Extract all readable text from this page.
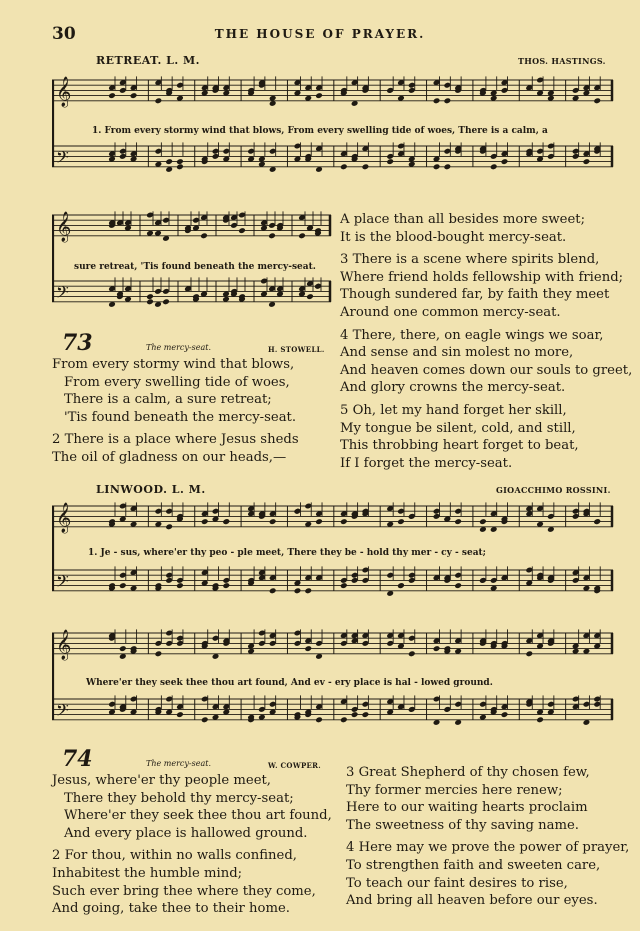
30	THE HOUSE OF PRAYER.
RETREAT. L. M.	THOS. HASTINGS.
𝄞
𝄢
1. From every stormy wind that blows, From every swelling tide of woes, There is a calm, a
𝄞
𝄢
sure retreat, 'Tis found beneath the mercy-seat.
73	The mercy-seat.	H. STOWELL.
From every stormy wind that blows,
From every swelling tide of woes,
There is a calm, a sure retreat;
'Tis found beneath the mercy-seat.
2 There is a place where Jesus sheds
The oil of gladness on our heads,—
A place than all besides more sweet;
It is the blood-bought mercy-seat.
3 There is a scene where spirits blend,
Where friend holds fellowship with friend;
Though sundered far, by faith they meet
Around one common mercy-seat.
4 There, there, on eagle wings we soar,
And sense and sin molest no more,
And heaven comes down our souls to greet,
And glory crowns the mercy-seat.
5 Oh, let my hand forget her skill,
My tongue be silent, cold, and still,
This throbbing heart forget to beat,
If I forget the mercy-seat.
LINWOOD. L. M.	GIOACCHIMO ROSSINI.
𝄞
𝄢
1. Je - sus, where'er thy peo - ple meet, There they be - hold thy mer - cy - seat;
𝄞
𝄢
Where'er they seek thee thou art found, And ev - ery place is hal - lowed ground.
74	The mercy-seat.	W. COWPER.
Jesus, where'er thy people meet,
There they behold thy mercy-seat;
Where'er they seek thee thou art found,
And every place is hallowed ground.
2 For thou, within no walls confined,
Inhabitest the humble mind;
Such ever bring thee where they come,
And going, take thee to their home.
3 Great Shepherd of thy chosen few,
Thy former mercies here renew;
Here to our waiting hearts proclaim
The sweetness of thy saving name.
4 Here may we prove the power of prayer,
To strengthen faith and sweeten care,
To teach our faint desires to rise,
And bring all heaven before our eyes.
